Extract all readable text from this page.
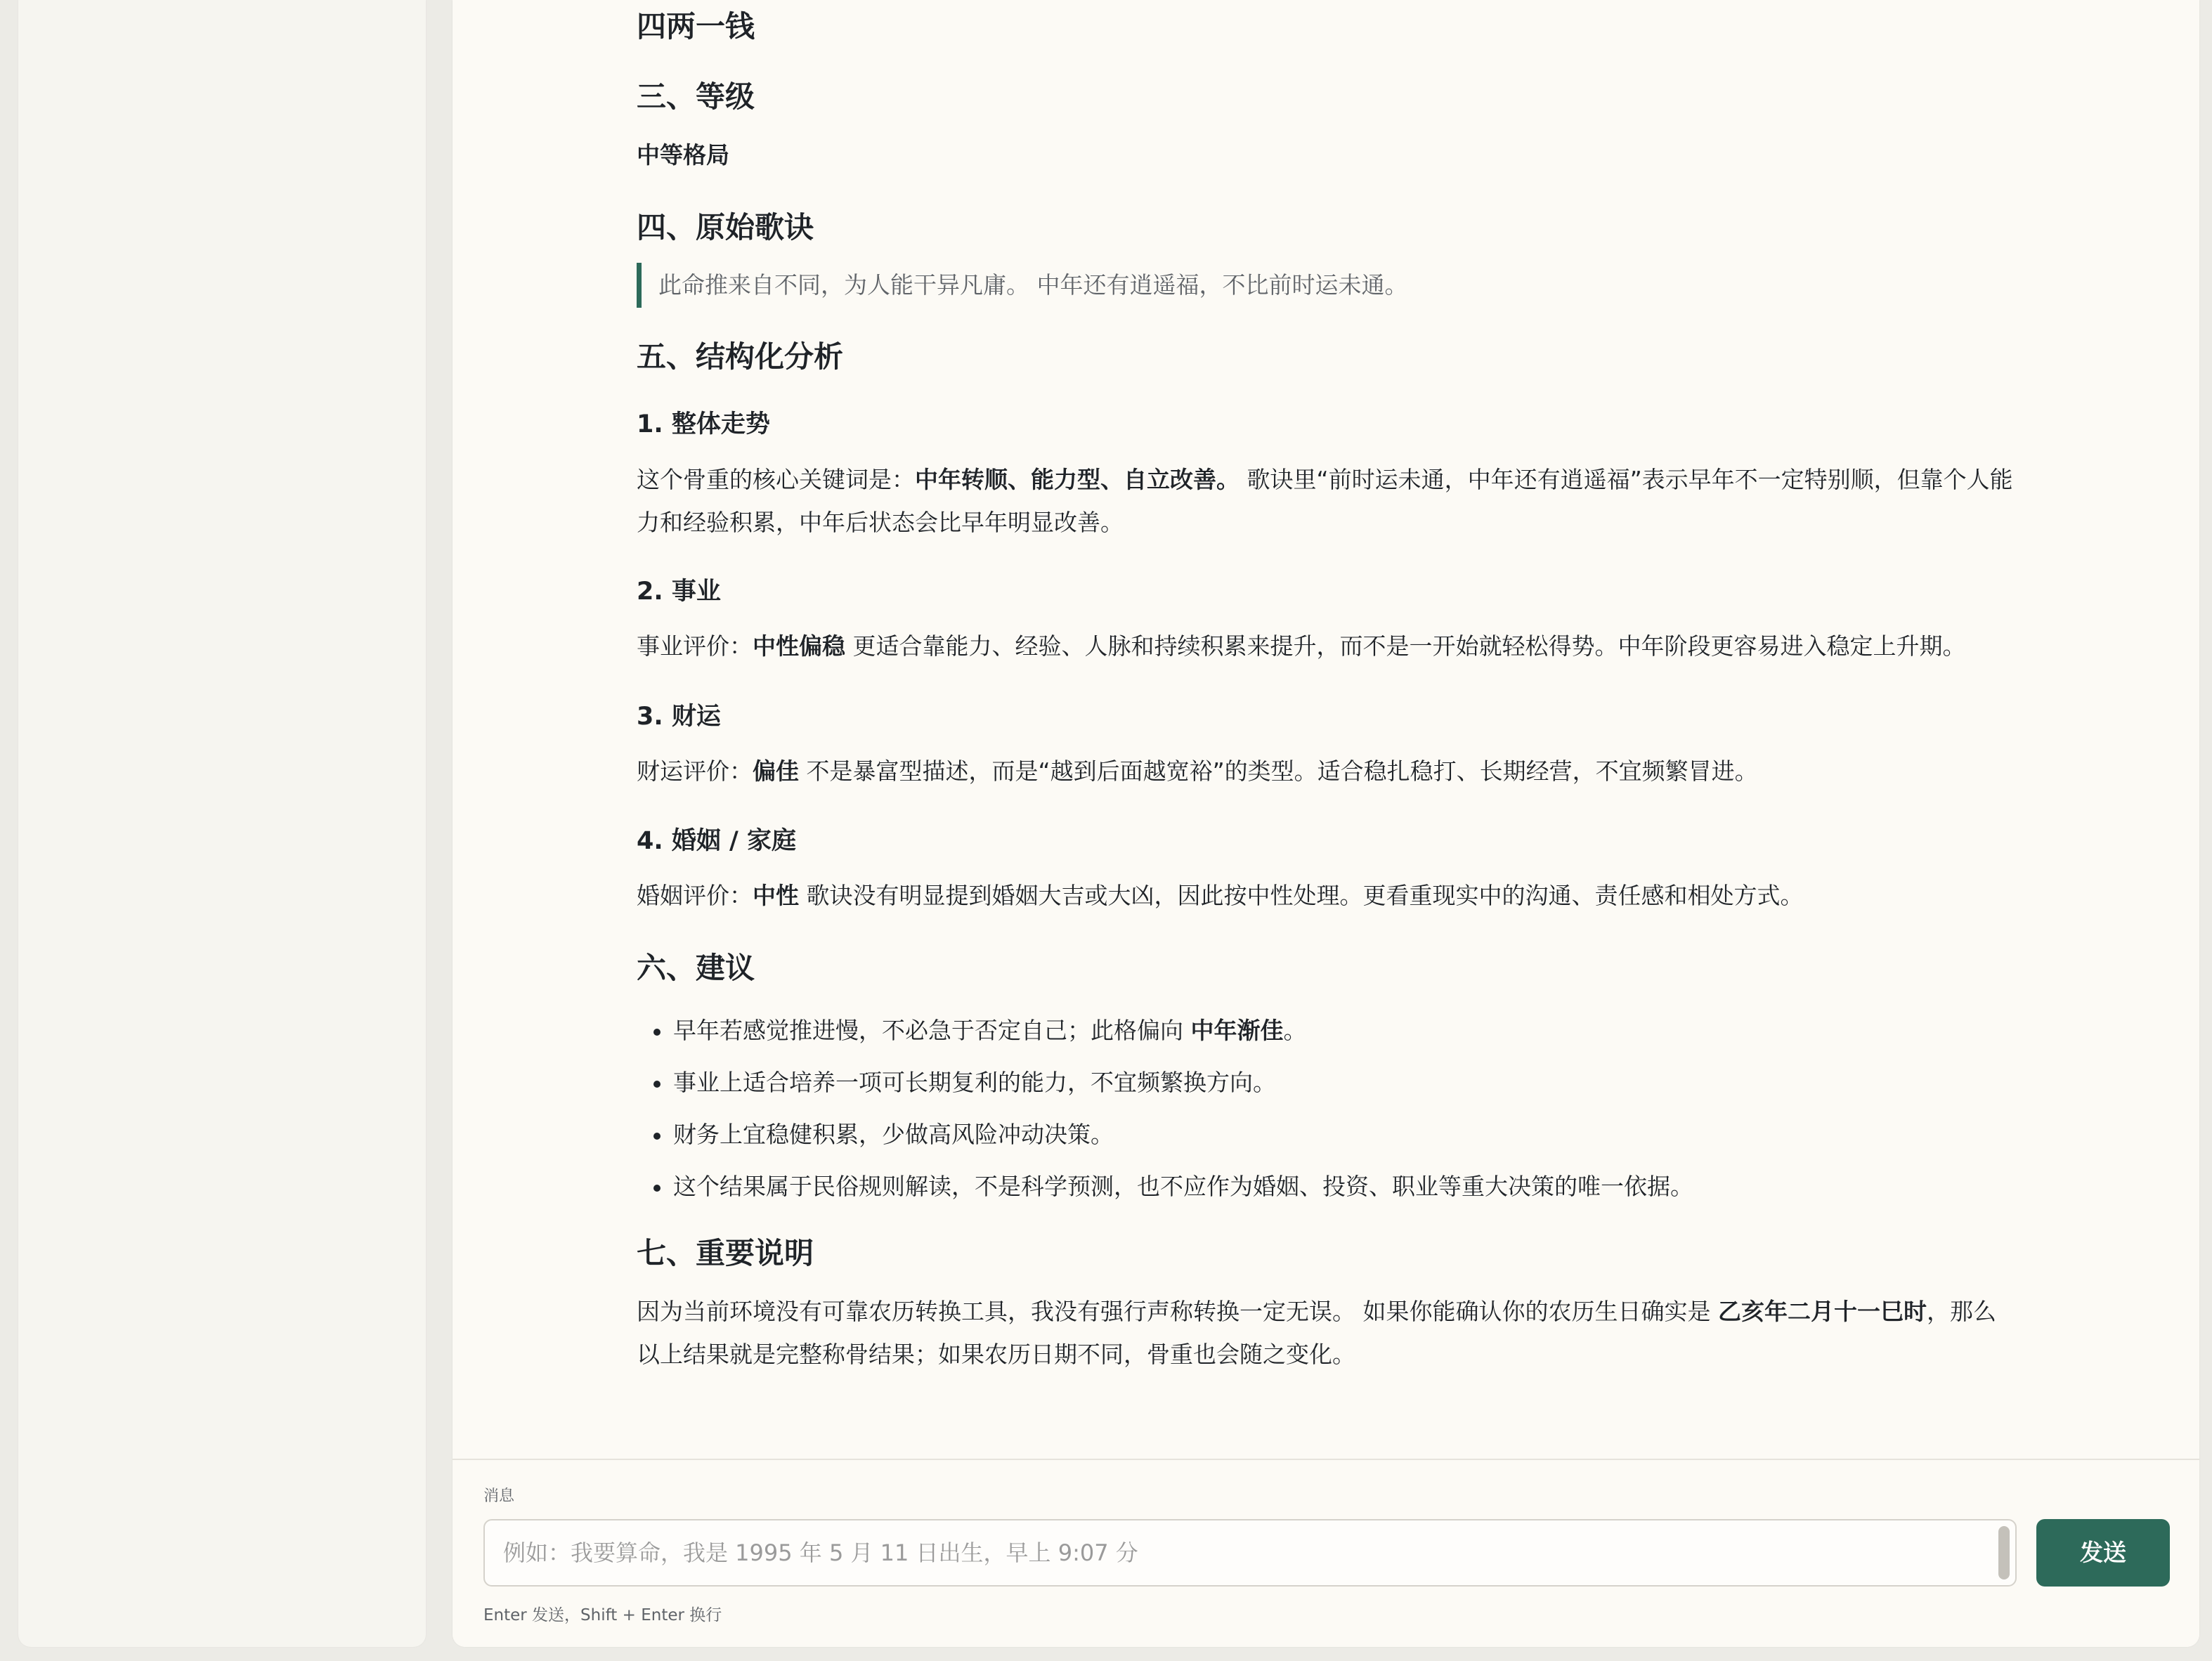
四两一钱
三、等级
中等格局
四、原始歌诀
此命推来自不同，为人能干异凡庸。 中年还有逍遥福，不比前时运未通。
五、结构化分析
1. 整体走势
这个骨重的核心关键词是：中年转顺、能力型、自立改善。 歌诀里“前时运未通，中年还有逍遥福”表示早年不一定特别顺，但靠个人能力和经验积累，中年后状态会比早年明显改善。
2. 事业
事业评价：中性偏稳 更适合靠能力、经验、人脉和持续积累来提升，而不是一开始就轻松得势。中年阶段更容易进入稳定上升期。
3. 财运
财运评价：偏佳 不是暴富型描述，而是“越到后面越宽裕”的类型。适合稳扎稳打、长期经营，不宜频繁冒进。
4. 婚姻 / 家庭
婚姻评价：中性 歌诀没有明显提到婚姻大吉或大凶，因此按中性处理。更看重现实中的沟通、责任感和相处方式。
六、建议
早年若感觉推进慢，不必急于否定自己；此格偏向 中年渐佳。
事业上适合培养一项可长期复利的能力，不宜频繁换方向。
财务上宜稳健积累，少做高风险冲动决策。
这个结果属于民俗规则解读，不是科学预测，也不应作为婚姻、投资、职业等重大决策的唯一依据。
七、重要说明
因为当前环境没有可靠农历转换工具，我没有强行声称转换一定无误。 如果你能确认你的农历生日确实是 乙亥年二月十一巳时，那么以上结果就是完整称骨结果；如果农历日期不同，骨重也会随之变化。
消息
例如：我要算命，我是 1995 年 5 月 11 日出生，早上 9:07 分	发送
Enter 发送，Shift + Enter 换行
